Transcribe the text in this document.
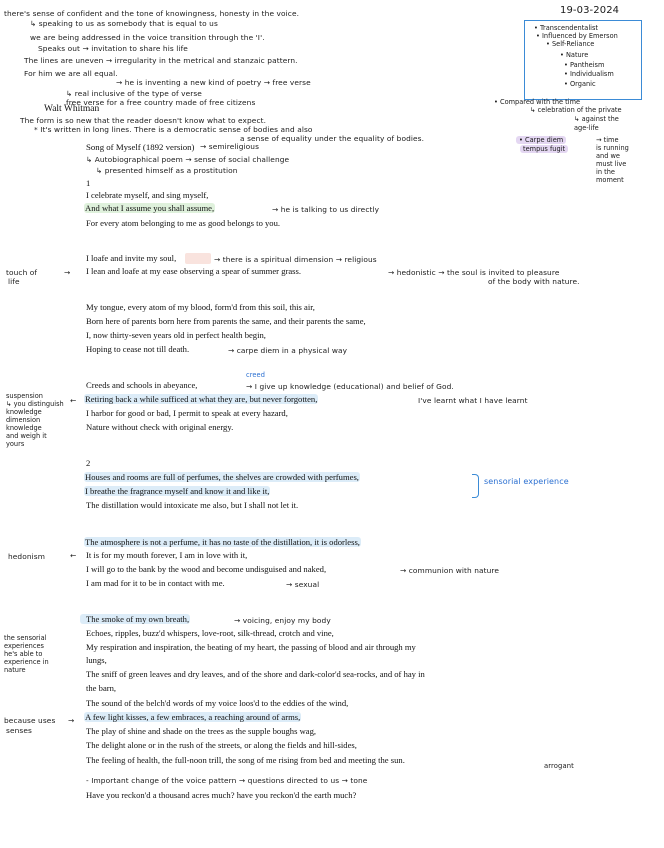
19-03-2024
there's sense of confident and the tone of knowingness, honesty in the voice.
↳ speaking to us as somebody that is equal to us
we are being addressed in the voice transition through the 'I'.
Speaks out → invitation to share his life
The lines are uneven → irregularity in the metrical and stanzaic pattern.
For him we are all equal.
→ he is inventing a new kind of poetry → free verse
↳ real inclusive of the type of verse
free verse for a free country made of free citizens
The form is so new that the reader doesn't know what to expect.
* It's written in long lines. There is a democratic sense of bodies and also
a sense of equality under the equality of bodies.
Walt Whitman
Song of Myself (1892 version) → semireligious
↳ Autobiographical poem → sense of social challenge
↳ presented himself as a prostitution
• Transcendentalist
• Influenced by Emerson
• Self-Reliance
• Nature
• Pantheism
• Individualism
• Organic
• Compared with the time
↳ celebration of the private
↳ against the
age-life
• Carpe diem
tempus fugit
→ time
is running
and we
must live
in the
moment
1
I celebrate myself, and sing myself,
And what I assume you shall assume,	→ he is talking to us directly
For every atom belonging to me as good belongs to you.
I loafe and invite my soul,	→ there is a spiritual dimension → religious
touch of
life
→ I lean and loafe at my ease observing a spear of summer grass.	→ hedonistic → the soul is invited to pleasure
of the body with nature.
My tongue, every atom of my blood, form'd from this soil, this air,
Born here of parents born here from parents the same, and their parents the same,
I, now thirty-seven years old in perfect health begin,
Hoping to cease not till death.	→ carpe diem in a physical way
creed
Creeds and schools in abeyance,	→ I give up knowledge (educational) and belief of God.
Retiring back a while sufficed at what they are, but never forgotten,	I've learnt what I have learnt
I harbor for good or bad, I permit to speak at every hazard,
Nature without check with original energy.
suspension
↳ you distinguish
knowledge
dimension
knowledge
and weigh it
yours
←
2
Houses and rooms are full of perfumes, the shelves are crowded with perfumes,
I breathe the fragrance myself and know it and like it,
sensorial experience
The distillation would intoxicate me also, but I shall not let it.
The atmosphere is not a perfume, it has no taste of the distillation, it is odorless,
hedonism	← It is for my mouth forever, I am in love with it,
I will go to the bank by the wood and become undisguised and naked,	→ communion with nature
I am mad for it to be in contact with me.	→ sexual
The smoke of my own breath,	→ voicing, enjoy my body
Echoes, ripples, buzz'd whispers, love-root, silk-thread, crotch and vine,
My respiration and inspiration, the beating of my heart, the passing of blood and air through my
lungs,
The sniff of green leaves and dry leaves, and of the shore and dark-color'd sea-rocks, and of hay in
the barn,
The sound of the belch'd words of my voice loos'd to the eddies of the wind,
A few light kisses, a few embraces, a reaching around of arms,
The play of shine and shade on the trees as the supple boughs wag,
The delight alone or in the rush of the streets, or along the fields and hill-sides,
The feeling of health, the full-noon trill, the song of me rising from bed and meeting the sun.
the sensorial
experiences
he's able to
experience in
nature
because uses
senses
→
arrogant
- Important change of the voice pattern → questions directed to us → tone
Have you reckon'd a thousand acres much? have you reckon'd the earth much?
